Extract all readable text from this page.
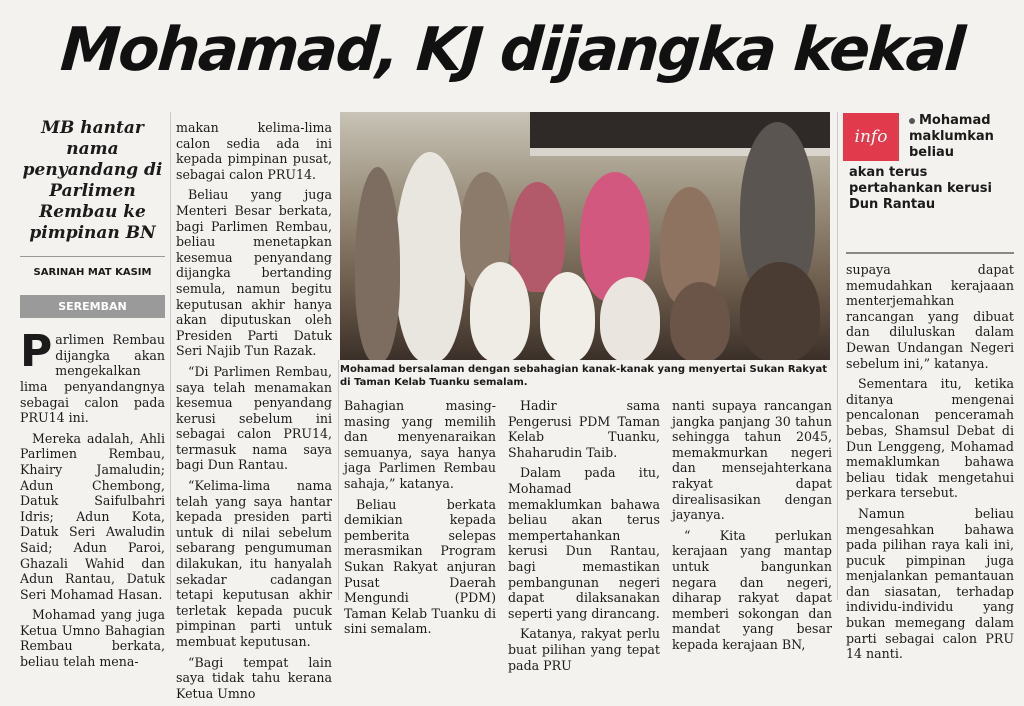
Mohamad, KJ dijangka kekal
MB hantar nama penyandang di Parlimen Rembau ke pimpinan BN
SARINAH MAT KASIM
SEREMBAN

Parlimen Rembau dijangka akan mengekalkan lima penyandangnya sebagai calon pada PRU14 ini.

Mereka adalah, Ahli Parlimen Rembau, Khairy Jamaludin; Adun Chembong, Datuk Saifulbahri Idris; Adun Kota, Datuk Seri Awaludin Said; Adun Paroi, Ghazali Wahid dan Adun Rantau, Datuk Seri Mohamad Hasan.

Mohamad yang juga Ketua Umno Bahagian Rembau berkata, beliau telah mena-

makan kelima-lima calon sedia ada ini kepada pimpinan pusat, sebagai calon PRU14.

Beliau yang juga Menteri Besar berkata, bagi Parlimen Rembau, beliau menetapkan kesemua penyandang dijangka bertanding semula, namun begitu keputusan akhir hanya akan diputuskan oleh Presiden Parti Datuk Seri Najib Tun Razak.

“Di Parlimen Rembau, saya telah menamakan kesemua penyandang kerusi sebelum ini sebagai calon PRU14, termasuk nama saya bagi Dun Rantau.

“Kelima-lima nama telah yang saya hantar kepada presiden parti untuk di nilai sebelum sebarang pengumuman dilakukan, itu hanyalah sekadar cadangan tetapi keputusan akhir terletak kepada pucuk pimpinan parti untuk membuat keputusan.

“Bagi tempat lain saya tidak tahu kerana Ketua Umno

Mohamad bersalaman dengan sebahagian kanak-kanak yang menyertai Sukan Rakyat di Taman Kelab Tuanku semalam.
info
Mohamad maklumkan beliau
akan terus pertahankan kerusi Dun Rantau

Bahagian masing-masing yang memilih dan menyenaraikan semuanya, saya hanya jaga Parlimen Rembau sahaja,” katanya.

Beliau berkata demikian kepada pemberita selepas merasmikan Program Sukan Rakyat anjuran Pusat Daerah Mengundi (PDM) Taman Kelab Tuanku di sini semalam.

Hadir sama Pengerusi PDM Taman Kelab Tuanku, Shaharudin Taib.

Dalam pada itu, Mohamad memaklumkan bahawa beliau akan terus mempertahankan kerusi Dun Rantau, bagi memastikan pembangunan negeri dapat dilaksanakan seperti yang dirancang.

Katanya, rakyat perlu buat pilihan yang tepat pada PRU

nanti supaya rancangan jangka panjang 30 tahun sehingga tahun 2045, memakmurkan negeri dan mensejahterkana rakyat dapat direalisasikan dengan jayanya.

“ Kita perlukan kerajaan yang mantap untuk bangunkan negara dan negeri, diharap rakyat dapat memberi sokongan dan mandat yang besar kepada kerajaan BN,

supaya dapat memudahkan kerajaaan menterjemahkan rancangan yang dibuat dan diluluskan dalam Dewan Undangan Negeri sebelum ini,” katanya.

Sementara itu, ketika ditanya mengenai pencalonan penceramah bebas, Shamsul Debat di Dun Lenggeng, Mohamad memaklumkan bahawa beliau tidak mengetahui perkara tersebut.

Namun beliau mengesahkan bahawa pada pilihan raya kali ini, pucuk pimpinan juga menjalankan pemantauan dan siasatan, terhadap individu-individu yang bukan memegang dalam parti sebagai calon PRU 14 nanti.
